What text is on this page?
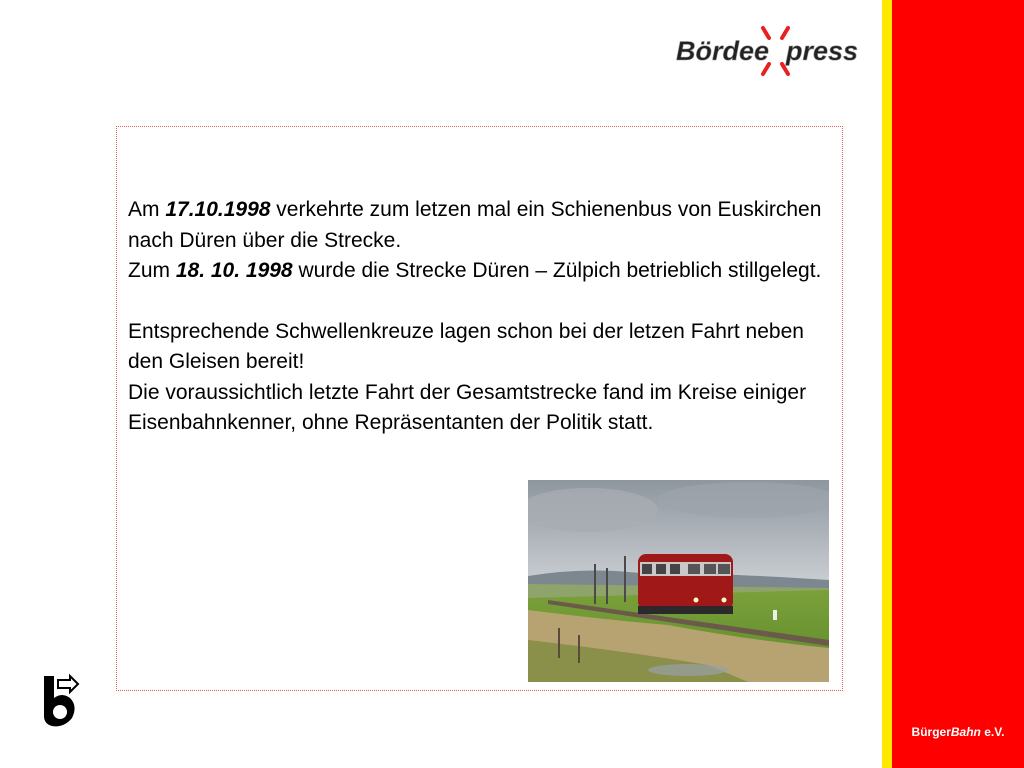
Bördee press

Am 17.10.1998 verkehrte zum letzen mal ein Schienenbus von Euskirchen nach Düren über die Strecke.

Zum 18. 10. 1998 wurde die Strecke Düren – Zülpich betrieblich stillgelegt.

Entsprechende Schwellenkreuze lagen schon bei der letzen Fahrt neben den Gleisen bereit!

Die voraussichtlich letzte Fahrt der Gesamtstrecke fand im Kreise einiger Eisenbahnkenner, ohne Repräsentanten der Politik statt.

BürgerBahn e.V.
